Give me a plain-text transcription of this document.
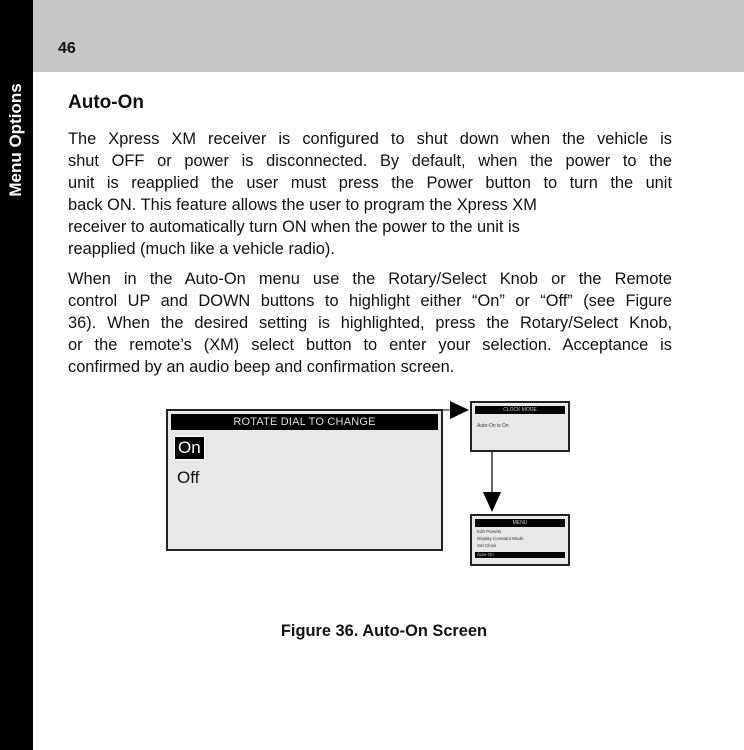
Menu Options
46
Auto-On
The Xpress XM receiver is configured to shut down when the vehicle is
shut OFF or power is disconnected. By default, when the power to the
unit is reapplied the user must press the Power button to turn the unit
back ON. This feature allows the user to program the Xpress XM
receiver to automatically turn ON when the power to the unit is
reapplied (much like a vehicle radio).
When in the Auto-On menu use the Rotary/Select Knob or the Remote
control UP and DOWN buttons to highlight either “On” or “Off” (see Figure
36). When the desired setting is highlighted, press the Rotary/Select Knob,
or the remote’s (XM) select button to enter your selection. Acceptance is
confirmed by an audio beep and confirmation screen.
ROTATE DIAL TO CHANGE
On
Off
CLOCK MODE
Auto-On is On
MENU
Edit Presets
Display Constant Mode
Set Clock
Auto-On
Figure 36. Auto-On Screen
